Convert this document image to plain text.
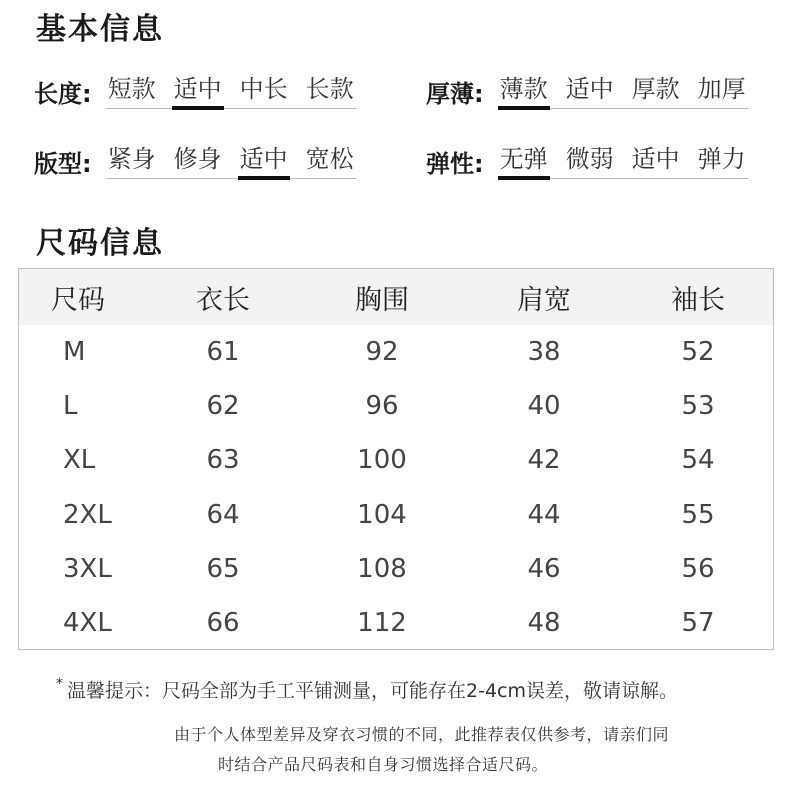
基本信息
长度: 短款 适中 中长 长款	厚薄: 薄款 适中 厚款 加厚
版型: 紧身 修身 适中 宽松	弹性: 无弹 微弱 适中 弹力
尺码信息
尺码	衣长	胸围	肩宽	袖长
M	61	92	38	52
L	62	96	40	53
XL	63	100	42	54
2XL	64	104	44	55
3XL	65	108	46	56
4XL	66	112	48	57
* 温馨提示：尺码全部为手工平铺测量，可能存在2-4cm误差，敬请谅解。
由于个人体型差异及穿衣习惯的不同，此推荐表仅供参考，请亲们同
时结合产品尺码表和自身习惯选择合适尺码。
